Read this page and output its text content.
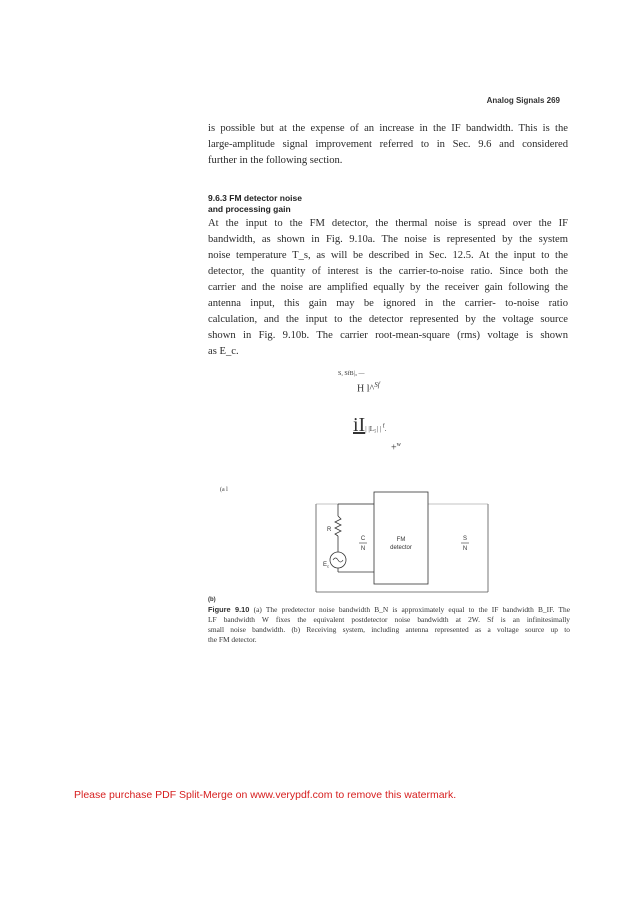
Analog Signals 269
is possible but at the expense of an increase in the IF bandwidth. This is the
large-amplitude signal improvement referred to in Sec. 9.6 and considered
further in the following section.
9.6.3 FM detector noise
and processing gain
At the input to the FM detector, the thermal noise is spread over the IF
bandwidth, as shown in Fig. 9.10a. The noise is represented by the system
noise temperature T_s, as will be described in Sec. 12.5. At the input to the
detector, the quantity of interest is the carrier-to-noise ratio. Since both the
carrier and the noise are amplified equally by the receiver gain following the
antenna input, this gain may be ignored in the carrier- to-noise ratio
calculation, and the input to the detector represented by the voltage source
shown in Fig. 9.10b. The carrier root-mean-square (rms) voltage is shown
as E_c.
S, SfB|₃ —
H l^$^{Sf}$
iI| |L₅| | $^f$.
+$^w$
(a l
R
$E_c$
C
N
FM
detector
S
N
(b)
Figure 9.10 (a) The predetector noise bandwidth B_N is approximately equal to the IF bandwidth B_IF. The
LF bandwidth W fixes the equivalent postdetector noise bandwidth at 2W. Sf is an infinitesimally
small noise bandwidth. (b) Receiving system, including antenna represented as a voltage source up to
the FM detector.
Please purchase PDF Split-Merge on www.verypdf.com to remove this watermark.
